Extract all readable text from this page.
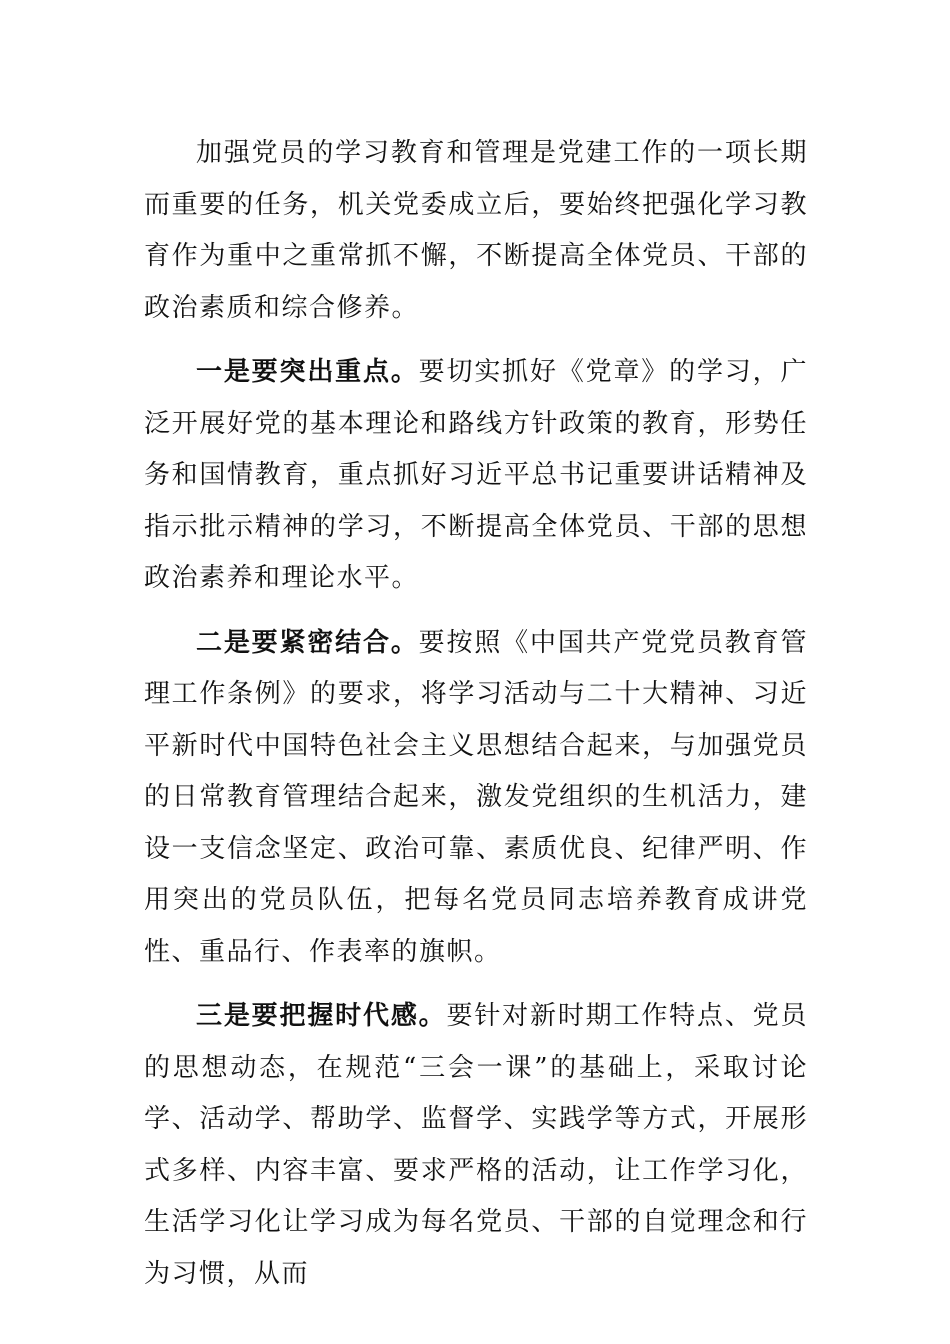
加强党员的学习教育和管理是党建工作的一项长期而重要的任务，机关党委成立后，要始终把强化学习教育作为重中之重常抓不懈，不断提高全体党员、干部的政治素质和综合修养。

一是要突出重点。要切实抓好《党章》的学习，广泛开展好党的基本理论和路线方针政策的教育，形势任务和国情教育，重点抓好习近平总书记重要讲话精神及指示批示精神的学习，不断提高全体党员、干部的思想政治素养和理论水平。

二是要紧密结合。要按照《中国共产党党员教育管理工作条例》的要求，将学习活动与二十大精神、习近平新时代中国特色社会主义思想结合起来，与加强党员的日常教育管理结合起来，激发党组织的生机活力，建设一支信念坚定、政治可靠、素质优良、纪律严明、作用突出的党员队伍，把每名党员同志培养教育成讲党性、重品行、作表率的旗帜。

三是要把握时代感。要针对新时期工作特点、党员的思想动态，在规范“三会一课”的基础上，采取讨论学、活动学、帮助学、监督学、实践学等方式，开展形式多样、内容丰富、要求严格的活动，让工作学习化，生活学习化让学习成为每名党员、干部的自觉理念和行为习惯，从而
